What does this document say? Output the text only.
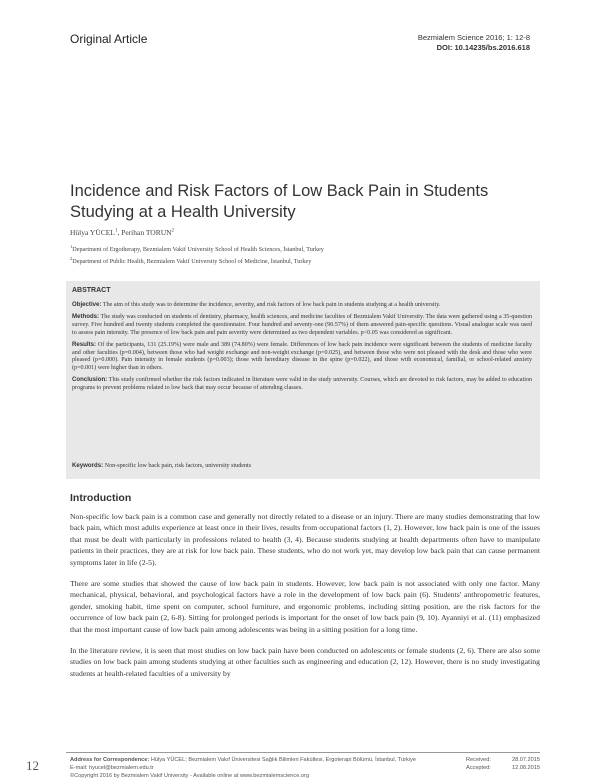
Original Article	Bezmialem Science 2016; 1: 12-8
DOI: 10.14235/bs.2016.618
Incidence and Risk Factors of Low Back Pain in Students Studying at a Health University
Hülya YÜCEL$^1$, Perihan TORUN$^2$
$^1$Department of Ergotherapy, Bezmialem Vakif University School of Health Sciences, İstanbul, Turkey
$^2$Department of Public Health, Bezmialem Vakif University School of Medicine, İstanbul, Turkey
ABSTRACT

Objective: The aim of this study was to determine the incidence, severity, and risk factors of low back pain in students studying at a health university.

Methods: The study was conducted on students of dentistry, pharmacy, health sciences, and medicine faculties of Bezmialem Vakif University. The data were gathered using a 35-question survey. Five hundred and twenty students completed the questionnaire. Four hundred and seventy-one (90.57%) of them answered pain-specific questions. Visual analogue scale was used to assess pain intensity. The presence of low back pain and pain severity were determined as two dependent variables. p<0.05 was considered as significant.

Results: Of the participants, 131 (25.19%) were male and 389 (74.80%) were female. Differences of low back pain incidence were significant between the students of medicine faculty and other faculties (p=0.004), between those who had weight exchange and non-weight exchange (p=0.025), and between those who were not pleased with the desk and those who were pleased (p=0.000). Pain intensity in female students (p=0.003); those with hereditary disease in the spine (p=0.022), and those with economical, familial, or school-related anxiety (p=0.001) were higher than in others.

Conclusion: This study confirmed whether the risk factors indicated in literature were valid in the study university. Courses, which are devoted to risk factors, may be added to education programs to prevent problems related to low back that may occur because of attending classes.

Keywords: Non-specific low back pain, risk factors, university students
Introduction

Non-specific low back pain is a common case and generally not directly related to a disease or an injury. There are many studies demonstrating that low back pain, which most adults experience at least once in their lives, results from occupational factors (1, 2). However, low back pain is one of the issues that must be dealt with particularly in professions related to health (3, 4). Because students studying at health departments often have to manipulate patients in their practices, they are at risk for low back pain. These students, who do not work yet, may develop low back pain that can cause permanent symptoms later in life (2-5).

There are some studies that showed the cause of low back pain in students. However, low back pain is not associated with only one factor. Many mechanical, physical, behavioral, and psychological factors have a role in the development of low back pain (6). Students' anthropometric features, gender, smoking habit, time spent on computer, school furniture, and ergonomic problems, including sitting position, are the risk factors for the occurrence of low back pain (2, 6-8). Sitting for prolonged periods is important for the onset of low back pain (9, 10). Ayanniyi et al. (11) emphasized that the most important cause of low back pain among adolescents was being in a sitting position for a long time.

In the literature review, it is seen that most studies on low back pain have been conducted on adolescents or female students (2, 6). There are also some studies on low back pain among students studying at other faculties such as engineering and education (2, 12). However, there is no study investigating students at health-related faculties of a university by

Address for Correspondence: Hülya YÜCEL; Bezmialem Vakıf Üniversitesi Sağlık Bilimleri Fakültesi, Ergoterapi Bölümü, İstanbul, Türkiye
E-mail: hyucel@bezmialem.edu.tr
©Copyright 2016 by Bezmialem Vakif University - Available online at www.bezmialemscience.org
Received:	28.07.2015
Accepted:	12.08.2015
12
